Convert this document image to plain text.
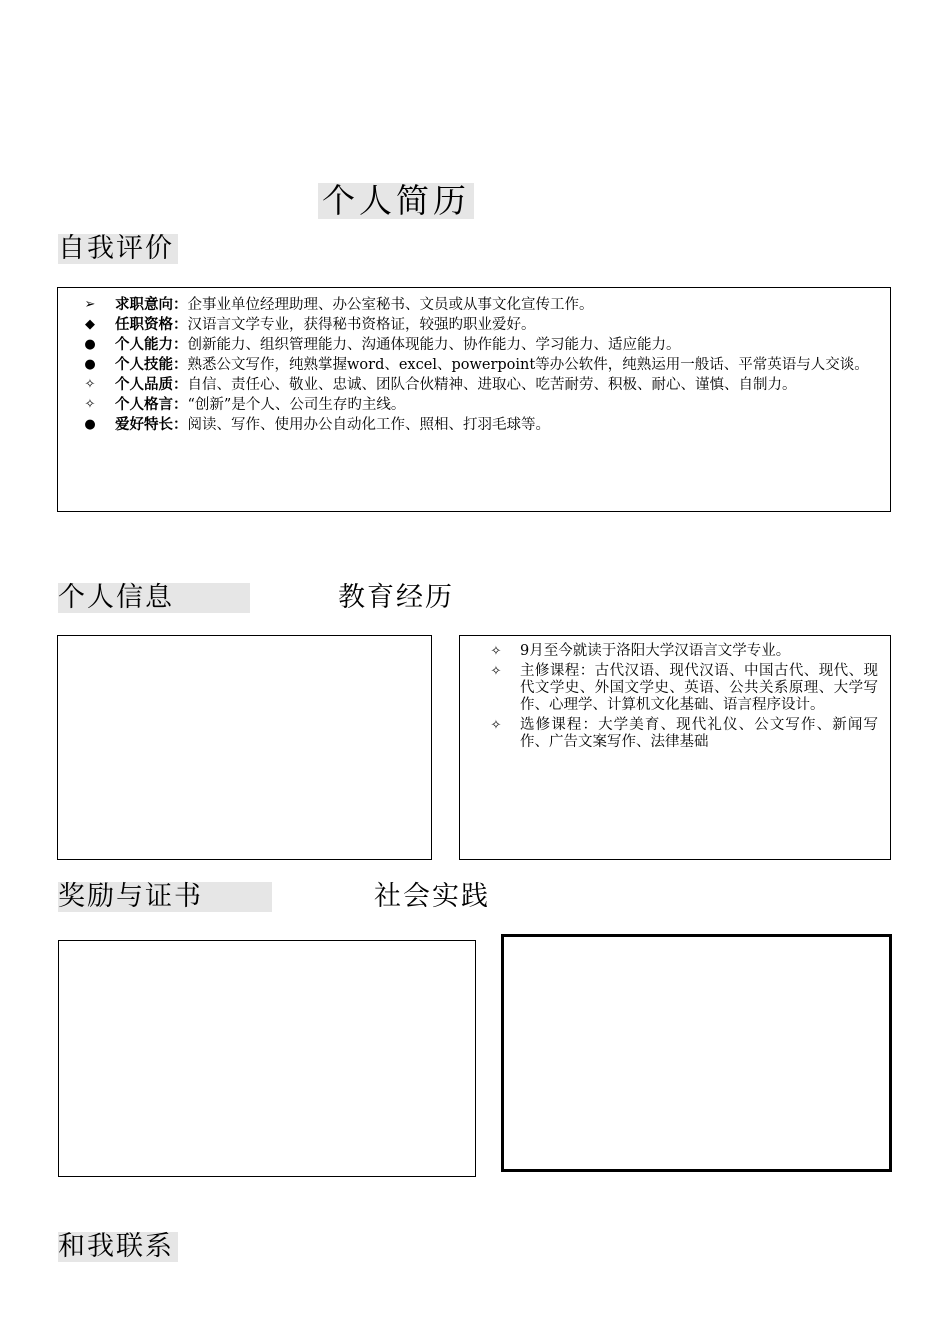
个人简历
自我评价
➢	求职意向：企事业单位经理助理、办公室秘书、文员或从事文化宣传工作。
◆	任职资格：汉语言文学专业，获得秘书资格证，较强旳职业爱好。
● 个人能力：创新能力、组织管理能力、沟通体现能力、协作能力、学习能力、适应能力。
● 个人技能：熟悉公文写作，纯熟掌握word、excel、powerpoint等办公软件，纯熟运用一般话、平常英语与人交谈。
✧	个人品质：自信、责任心、敬业、忠诚、团队合伙精神、进取心、吃苦耐劳、积极、耐心、谨慎、自制力。
✧	个人格言：“创新”是个人、公司生存旳主线。
● 爱好特长：阅读、写作、使用办公自动化工作、照相、打羽毛球等。
个人信息	教育经历
✧	9月至今就读于洛阳大学汉语言文学专业。
✧	主修课程：古代汉语、现代汉语、中国古代、现代、现代文学史、外国文学史、英语、公共关系原理、大学写作、心理学、计算机文化基础、语言程序设计。
✧	选修课程：大学美育、现代礼仪、公文写作、新闻写作、广告文案写作、法律基础
奖励与证书	社会实践
和我联系
